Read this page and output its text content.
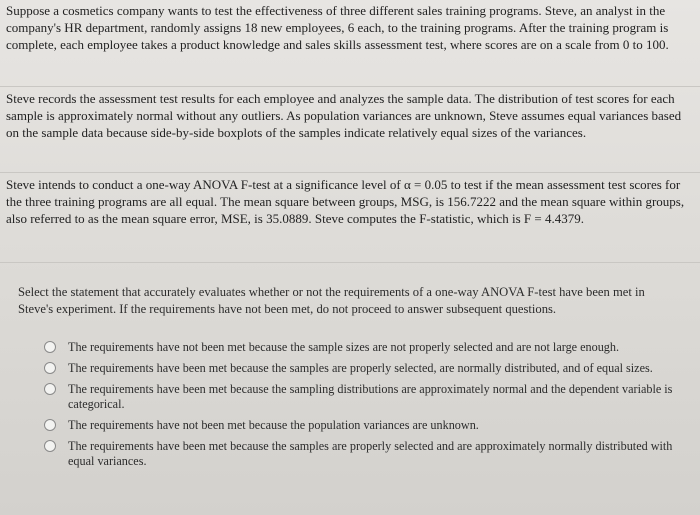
Suppose a cosmetics company wants to test the effectiveness of three different sales training programs. Steve, an analyst in the company's HR department, randomly assigns 18 new employees, 6 each, to the training programs. After the training program is complete, each employee takes a product knowledge and sales skills assessment test, where scores are on a scale from 0 to 100.
Steve records the assessment test results for each employee and analyzes the sample data. The distribution of test scores for each sample is approximately normal without any outliers. As population variances are unknown, Steve assumes equal variances based on the sample data because side-by-side boxplots of the samples indicate relatively equal sizes of the variances.
Steve intends to conduct a one-way ANOVA F-test at a significance level of α = 0.05 to test if the mean assessment test scores for the three training programs are all equal. The mean square between groups, MSG, is 156.7222 and the mean square within groups, also referred to as the mean square error, MSE, is 35.0889. Steve computes the F-statistic, which is F = 4.4379.
Select the statement that accurately evaluates whether or not the requirements of a one-way ANOVA F-test have been met in Steve's experiment. If the requirements have not been met, do not proceed to answer subsequent questions.
The requirements have not been met because the sample sizes are not properly selected and are not large enough.
The requirements have been met because the samples are properly selected, are normally distributed, and of equal sizes.
The requirements have been met because the sampling distributions are approximately normal and the dependent variable is categorical.
The requirements have not been met because the population variances are unknown.
The requirements have been met because the samples are properly selected and are approximately normally distributed with equal variances.
